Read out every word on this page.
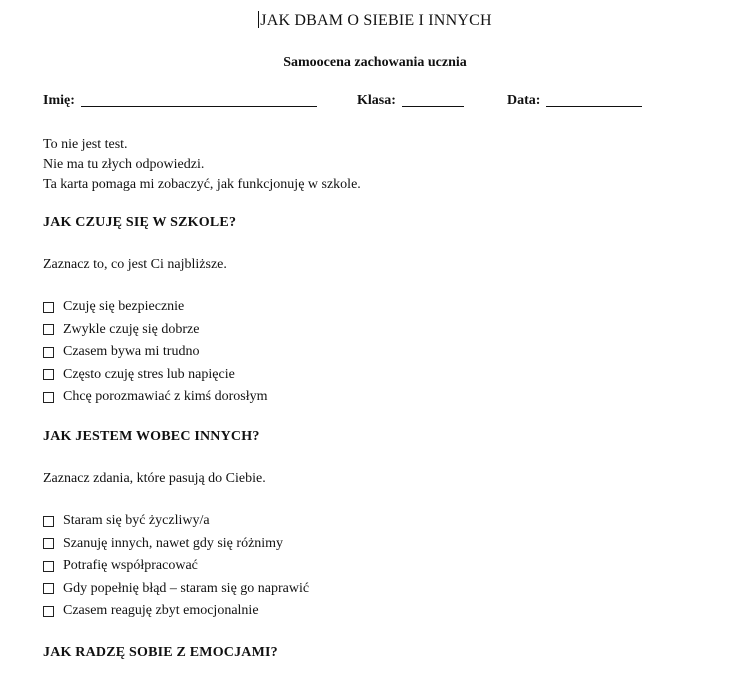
JAK DBAM O SIEBIE I INNYCH
Samoocena zachowania ucznia
Imię:	Klasa:	Data:
To nie jest test.
Nie ma tu złych odpowiedzi.
Ta karta pomaga mi zobaczyć, jak funkcjonuję w szkole.
JAK CZUJĘ SIĘ W SZKOLE?
Zaznacz to, co jest Ci najbliższe.
Czuję się bezpiecznie
Zwykle czuję się dobrze
Czasem bywa mi trudno
Często czuję stres lub napięcie
Chcę porozmawiać z kimś dorosłym
JAK JESTEM WOBEC INNYCH?
Zaznacz zdania, które pasują do Ciebie.
Staram się być życzliwy/a
Szanuję innych, nawet gdy się różnimy
Potrafię współpracować
Gdy popełnię błąd – staram się go naprawić
Czasem reaguję zbyt emocjonalnie
JAK RADZĘ SOBIE Z EMOCJAMI?
